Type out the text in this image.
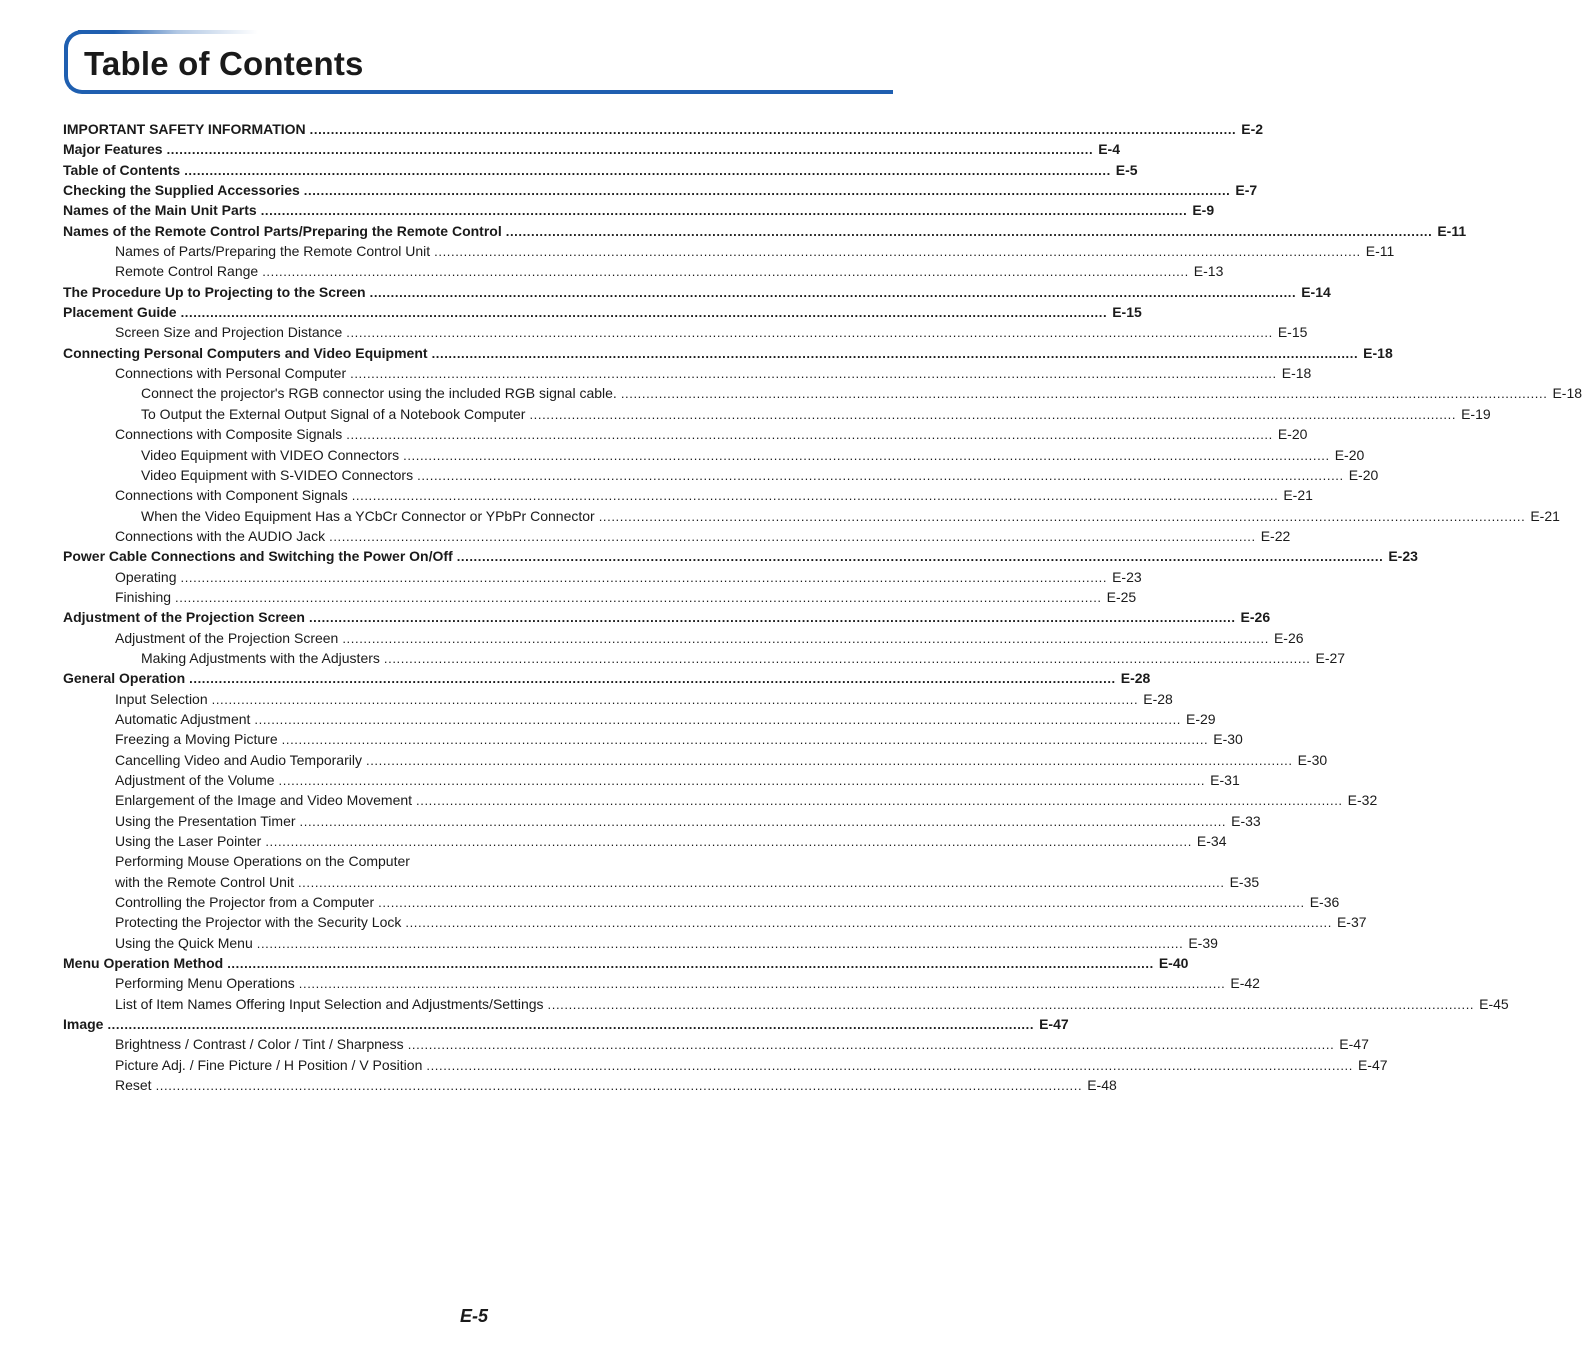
Table of Contents
IMPORTANT SAFETY INFORMATION ............................................................................................................................................................................................................................ E-2
Major Features ............................................................................................................................................................................................................................ E-4
Table of Contents ............................................................................................................................................................................................................................ E-5
Checking the Supplied Accessories ............................................................................................................................................................................................................................ E-7
Names of the Main Unit Parts ............................................................................................................................................................................................................................ E-9
Names of the Remote Control Parts/Preparing the Remote Control ............................................................................................................................................................................................................................ E-11
Names of Parts/Preparing the Remote Control Unit ............................................................................................................................................................................................................................ E-11
Remote Control Range ............................................................................................................................................................................................................................ E-13
The Procedure Up to Projecting to the Screen ............................................................................................................................................................................................................................ E-14
Placement Guide ............................................................................................................................................................................................................................ E-15
Screen Size and Projection Distance ............................................................................................................................................................................................................................ E-15
Connecting Personal Computers and Video Equipment ............................................................................................................................................................................................................................ E-18
Connections with Personal Computer ............................................................................................................................................................................................................................ E-18
Connect the projector's RGB connector using the included RGB signal cable. ............................................................................................................................................................................................................................ E-18
To Output the External Output Signal of a Notebook Computer ............................................................................................................................................................................................................................ E-19
Connections with Composite Signals ............................................................................................................................................................................................................................ E-20
Video Equipment with VIDEO Connectors ............................................................................................................................................................................................................................ E-20
Video Equipment with S-VIDEO Connectors ............................................................................................................................................................................................................................ E-20
Connections with Component Signals ............................................................................................................................................................................................................................ E-21
When the Video Equipment Has a YCbCr Connector or YPbPr Connector ............................................................................................................................................................................................................................ E-21
Connections with the AUDIO Jack ............................................................................................................................................................................................................................ E-22
Power Cable Connections and Switching the Power On/Off ............................................................................................................................................................................................................................ E-23
Operating ............................................................................................................................................................................................................................ E-23
Finishing ............................................................................................................................................................................................................................ E-25
Adjustment of the Projection Screen ............................................................................................................................................................................................................................ E-26
Adjustment of the Projection Screen ............................................................................................................................................................................................................................ E-26
Making Adjustments with the Adjusters ............................................................................................................................................................................................................................ E-27
General Operation ............................................................................................................................................................................................................................ E-28
Input Selection ............................................................................................................................................................................................................................ E-28
Automatic Adjustment ............................................................................................................................................................................................................................ E-29
Freezing a Moving Picture ............................................................................................................................................................................................................................ E-30
Cancelling Video and Audio Temporarily ............................................................................................................................................................................................................................ E-30
Adjustment of the Volume ............................................................................................................................................................................................................................ E-31
Enlargement of the Image and Video Movement ............................................................................................................................................................................................................................ E-32
Using the Presentation Timer ............................................................................................................................................................................................................................ E-33
Using the Laser Pointer ............................................................................................................................................................................................................................ E-34
Performing Mouse Operations on the Computer
with the Remote Control Unit ............................................................................................................................................................................................................................ E-35
Controlling the Projector from a Computer ............................................................................................................................................................................................................................ E-36
Protecting the Projector with the Security Lock ............................................................................................................................................................................................................................ E-37
Using the Quick Menu ............................................................................................................................................................................................................................ E-39
Menu Operation Method ............................................................................................................................................................................................................................ E-40
Performing Menu Operations ............................................................................................................................................................................................................................ E-42
List of Item Names Offering Input Selection and Adjustments/Settings ............................................................................................................................................................................................................................ E-45
Image ............................................................................................................................................................................................................................ E-47
Brightness / Contrast / Color / Tint / Sharpness ............................................................................................................................................................................................................................ E-47
Picture Adj. / Fine Picture / H Position / V Position ............................................................................................................................................................................................................................ E-47
Reset ............................................................................................................................................................................................................................ E-48
E-5
